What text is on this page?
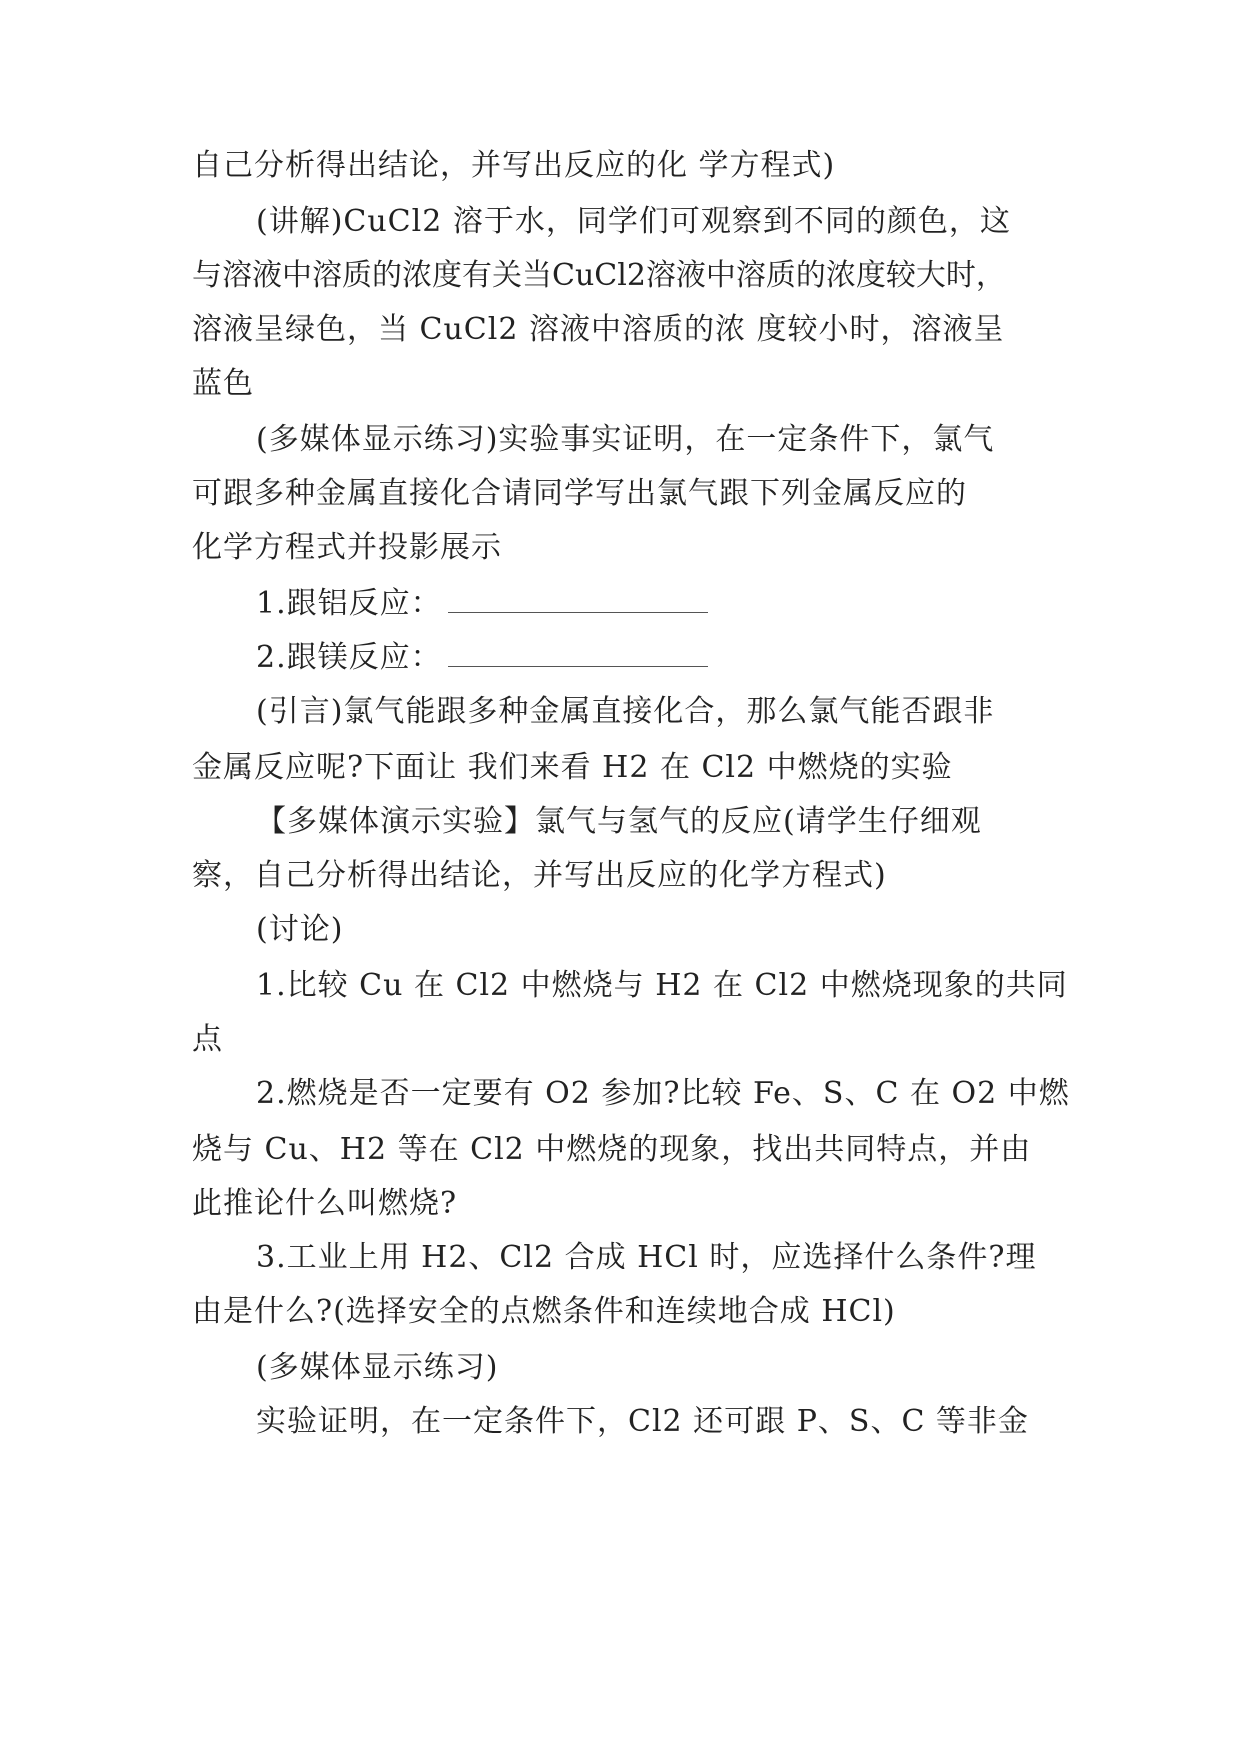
自己分析得出结论，并写出反应的化 学方程式)
(讲解)CuCl2 溶于水，同学们可观察到不同的颜色，这
与溶液中溶质的浓度有关当CuCl2溶液中溶质的浓度较大时，
溶液呈绿色，当 CuCl2 溶液中溶质的浓 度较小时，溶液呈
蓝色
(多媒体显示练习)实验事实证明，在一定条件下，氯气
可跟多种金属直接化合请同学写出氯气跟下列金属反应的
化学方程式并投影展示
1.跟铝反应：
2.跟镁反应：
(引言)氯气能跟多种金属直接化合，那么氯气能否跟非
金属反应呢?下面让 我们来看 H2 在 Cl2 中燃烧的实验
【多媒体演示实验】氯气与氢气的反应(请学生仔细观
察，自己分析得出结论，并写出反应的化学方程式)
(讨论)
1.比较 Cu 在 Cl2 中燃烧与 H2 在 Cl2 中燃烧现象的共同
点
2.燃烧是否一定要有 O2 参加?比较 Fe、S、C 在 O2 中燃
烧与 Cu、H2 等在 Cl2 中燃烧的现象，找出共同特点，并由
此推论什么叫燃烧?
3.工业上用 H2、Cl2 合成 HCl 时，应选择什么条件?理
由是什么?(选择安全的点燃条件和连续地合成 HCl)
(多媒体显示练习)
实验证明，在一定条件下，Cl2 还可跟 P、S、C 等非金
